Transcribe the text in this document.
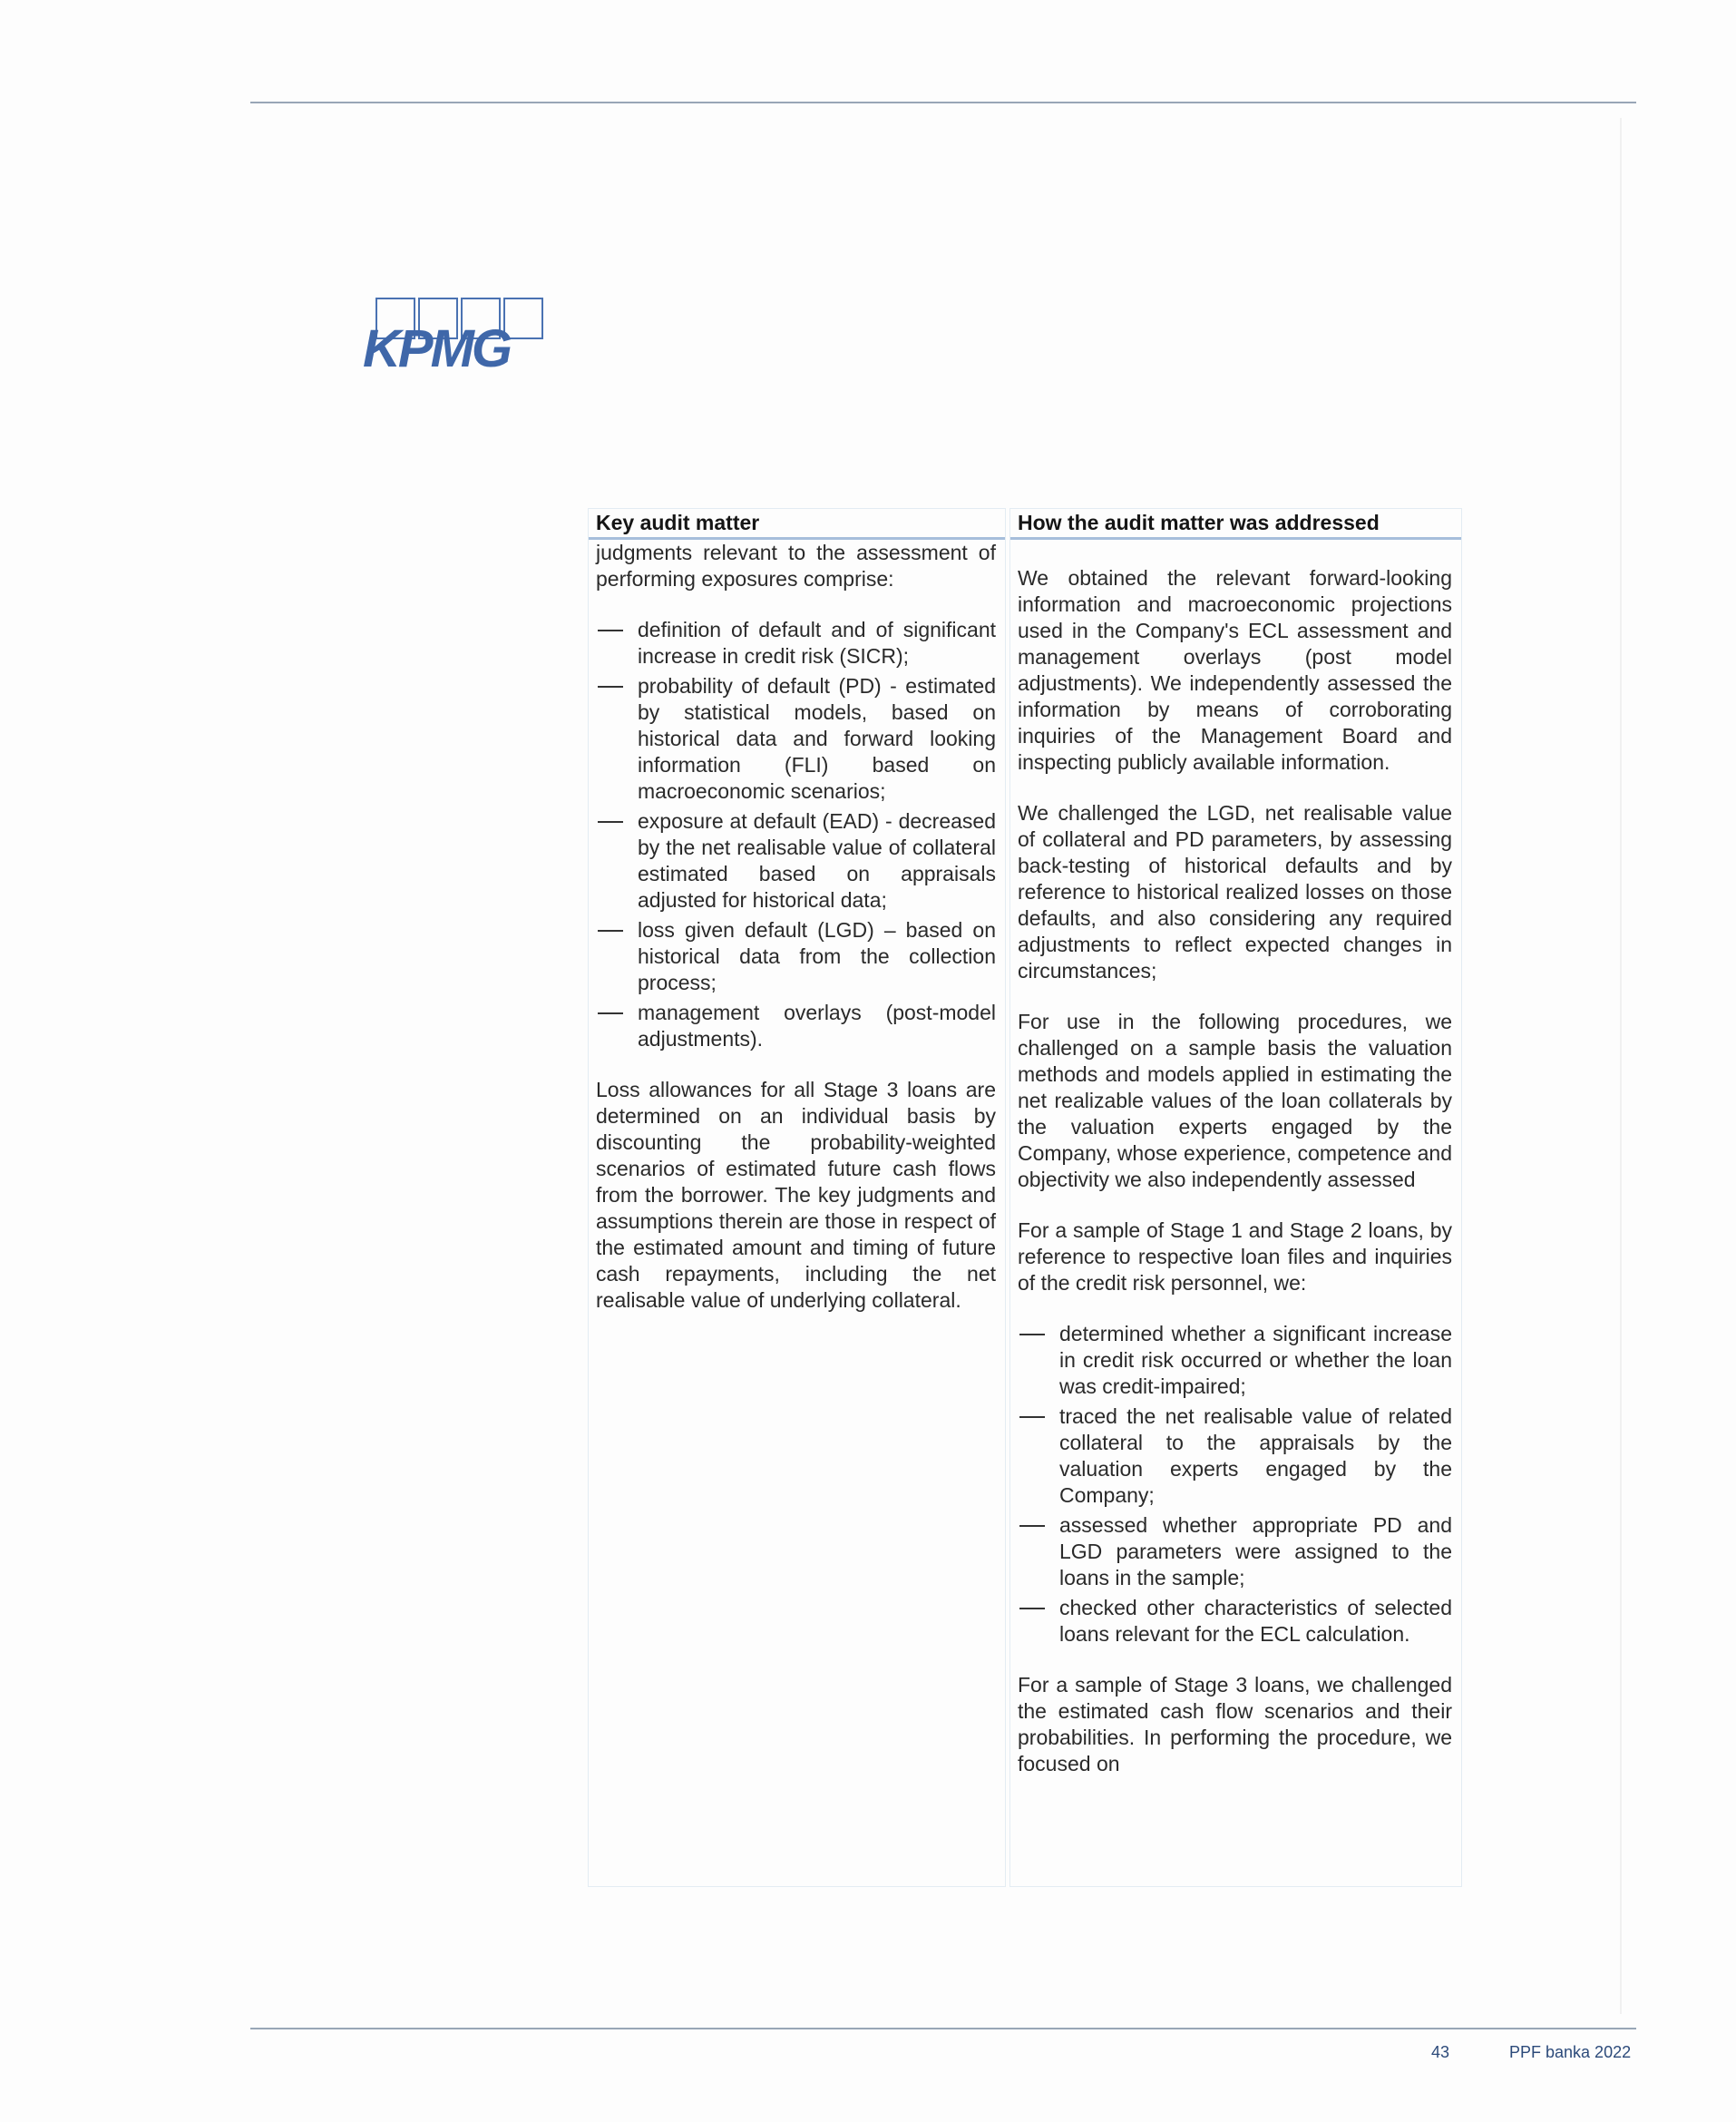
KPMG
Key audit matter

judgments relevant to the assessment of performing exposures comprise:

definition of default and of significant increase in credit risk (SICR);
probability of default (PD) - estimated by statistical models, based on historical data and forward looking information (FLI) based on macroeconomic scenarios;
exposure at default (EAD) - decreased by the net realisable value of collateral estimated based on appraisals adjusted for historical data;
loss given default (LGD) – based on historical data from the collection process;
management overlays (post-model adjustments).

Loss allowances for all Stage 3 loans are determined on an individual basis by discounting the probability-weighted scenarios of estimated future cash flows from the borrower. The key judgments and assumptions therein are those in respect of the estimated amount and timing of future cash repayments, including the net realisable value of underlying collateral.

How the audit matter was addressed

We obtained the relevant forward-looking information and macroeconomic projections used in the Company's ECL assessment and management overlays (post model adjustments). We independently assessed the information by means of corroborating inquiries of the Management Board and inspecting publicly available information.

We challenged the LGD, net realisable value of collateral and PD parameters, by assessing back-testing of historical defaults and by reference to historical realized losses on those defaults, and also considering any required adjustments to reflect expected changes in circumstances;

For use in the following procedures, we challenged on a sample basis the valuation methods and models applied in estimating the net realizable values of the loan collaterals by the valuation experts engaged by the Company, whose experience, competence and objectivity we also independently assessed

For a sample of Stage 1 and Stage 2 loans, by reference to respective loan files and inquiries of the credit risk personnel, we:

determined whether a significant increase in credit risk occurred or whether the loan was credit-impaired;
traced the net realisable value of related collateral to the appraisals by the valuation experts engaged by the Company;
assessed whether appropriate PD and LGD parameters were assigned to the loans in the sample;
checked other characteristics of selected loans relevant for the ECL calculation.

For a sample of Stage 3 loans, we challenged the estimated cash flow scenarios and their probabilities. In performing the procedure, we focused on

43	PPF banka 2022
